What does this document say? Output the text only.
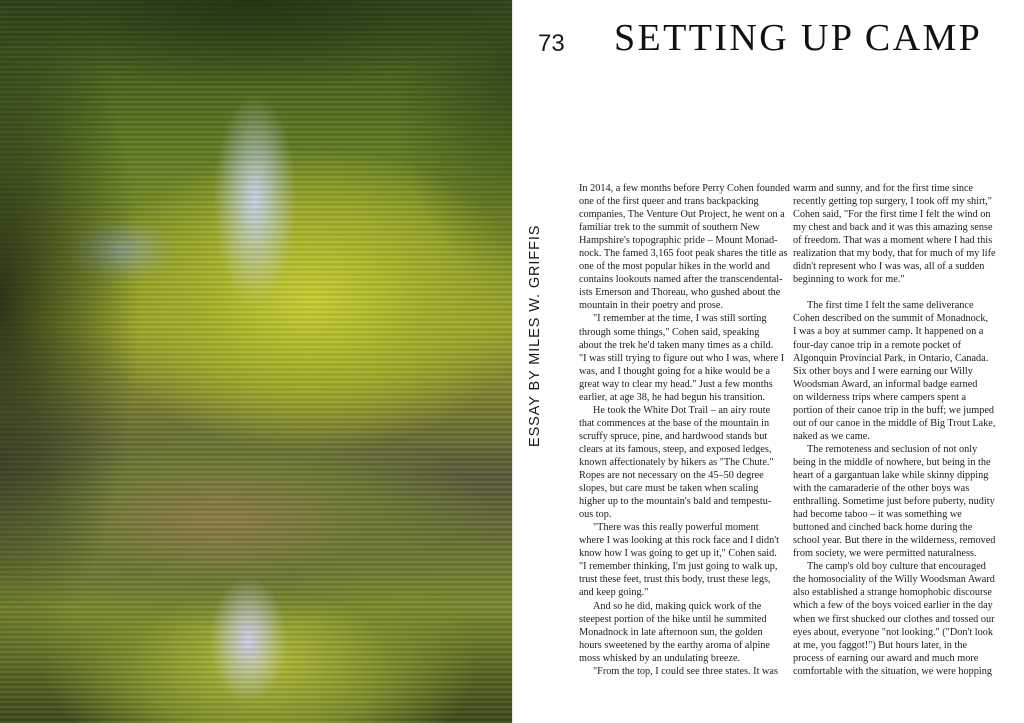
73 SETTING UP CAMP
ESSAY BY MILES W. GRIFFIS

In 2014, a few months before Perry Cohen founded
one of the first queer and trans backpacking
companies, The Venture Out Project, he went on a
familiar trek to the summit of southern New
Hampshire's topographic pride – Mount Monad-
nock. The famed 3,165 foot peak shares the title as
one of the most popular hikes in the world and
contains lookouts named after the transcendental-
ists Emerson and Thoreau, who gushed about the
mountain in their poetry and prose.

"I remember at the time, I was still sorting
through some things," Cohen said, speaking
about the trek he'd taken many times as a child.
"I was still trying to figure out who I was, where I
was, and I thought going for a hike would be a
great way to clear my head." Just a few months
earlier, at age 38, he had begun his transition.

He took the White Dot Trail – an airy route
that commences at the base of the mountain in
scruffy spruce, pine, and hardwood stands but
clears at its famous, steep, and exposed ledges,
known affectionately by hikers as "The Chute."
Ropes are not necessary on the 45–50 degree
slopes, but care must be taken when scaling
higher up to the mountain's bald and tempestu-
ous top.

"There was this really powerful moment
where I was looking at this rock face and I didn't
know how I was going to get up it," Cohen said.
"I remember thinking, I'm just going to walk up,
trust these feet, trust this body, trust these legs,
and keep going."

And so he did, making quick work of the
steepest portion of the hike until he summited
Monadnock in late afternoon sun, the golden
hours sweetened by the earthy aroma of alpine
moss whisked by an undulating breeze.

"From the top, I could see three states. It was

warm and sunny, and for the first time since
recently getting top surgery, I took off my shirt,"
Cohen said, "For the first time I felt the wind on
my chest and back and it was this amazing sense
of freedom. That was a moment where I had this
realization that my body, that for much of my life
didn't represent who I was was, all of a sudden
beginning to work for me."

The first time I felt the same deliverance
Cohen described on the summit of Monadnock,
I was a boy at summer camp. It happened on a
four-day canoe trip in a remote pocket of
Algonquin Provincial Park, in Ontario, Canada.
Six other boys and I were earning our Willy
Woodsman Award, an informal badge earned
on wilderness trips where campers spent a
portion of their canoe trip in the buff; we jumped
out of our canoe in the middle of Big Trout Lake,
naked as we came.

The remoteness and seclusion of not only
being in the middle of nowhere, but being in the
heart of a gargantuan lake while skinny dipping
with the camaraderie of the other boys was
enthralling. Sometime just before puberty, nudity
had become taboo – it was something we
buttoned and cinched back home during the
school year. But there in the wilderness, removed
from society, we were permitted naturalness.

The camp's old boy culture that encouraged
the homosociality of the Willy Woodsman Award
also established a strange homophobic discourse
which a few of the boys voiced earlier in the day
when we first shucked our clothes and tossed our
eyes about, everyone "not looking." ("Don't look
at me, you faggot!") But hours later, in the
process of earning our award and much more
comfortable with the situation, we were hopping
